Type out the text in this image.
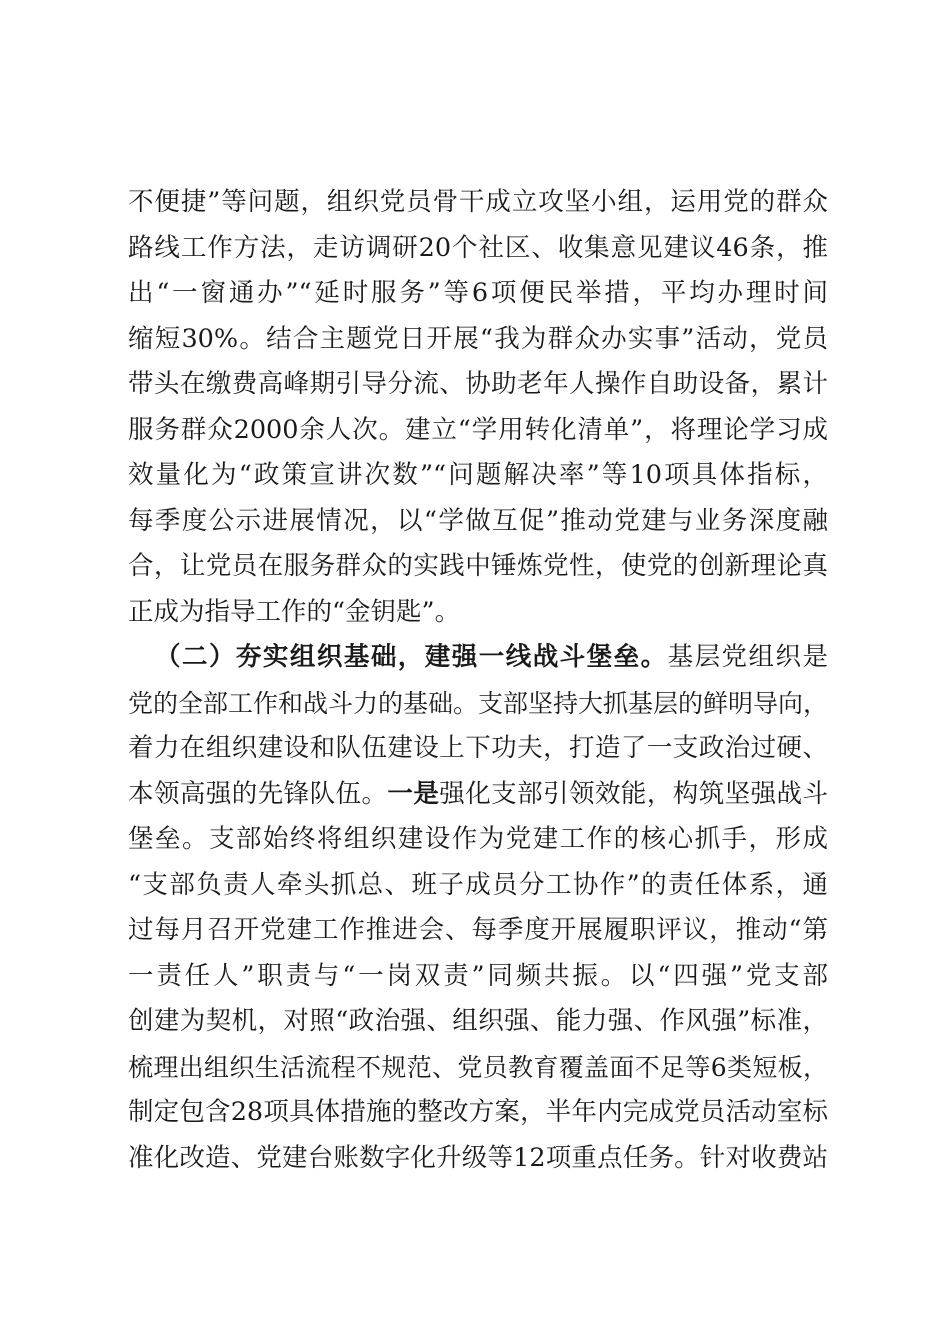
不便捷”等问题，组织党员骨干成立攻坚小组，运用党的群众
路线工作方法，走访调研20个社区、收集意见建议46条，推
出“一窗通办”“延时服务”等6项便民举措，平均办理时间
缩短30%。结合主题党日开展“我为群众办实事”活动，党员
带头在缴费高峰期引导分流、协助老年人操作自助设备，累计
服务群众2000余人次。建立“学用转化清单”，将理论学习成
效量化为“政策宣讲次数”“问题解决率”等10项具体指标，
每季度公示进展情况，以“学做互促”推动党建与业务深度融
合，让党员在服务群众的实践中锤炼党性，使党的创新理论真
正成为指导工作的“金钥匙”。
（二）夯实组织基础，建强一线战斗堡垒。基层党组织是
党的全部工作和战斗力的基础。支部坚持大抓基层的鲜明导向，
着力在组织建设和队伍建设上下功夫，打造了一支政治过硬、
本领高强的先锋队伍。一是强化支部引领效能，构筑坚强战斗
堡垒。支部始终将组织建设作为党建工作的核心抓手，形成
“支部负责人牵头抓总、班子成员分工协作”的责任体系，通
过每月召开党建工作推进会、每季度开展履职评议，推动“第
一责任人”职责与“一岗双责”同频共振。以“四强”党支部
创建为契机，对照“政治强、组织强、能力强、作风强”标准，
梳理出组织生活流程不规范、党员教育覆盖面不足等6类短板，
制定包含28项具体措施的整改方案，半年内完成党员活动室标
准化改造、党建台账数字化升级等12项重点任务。针对收费站
